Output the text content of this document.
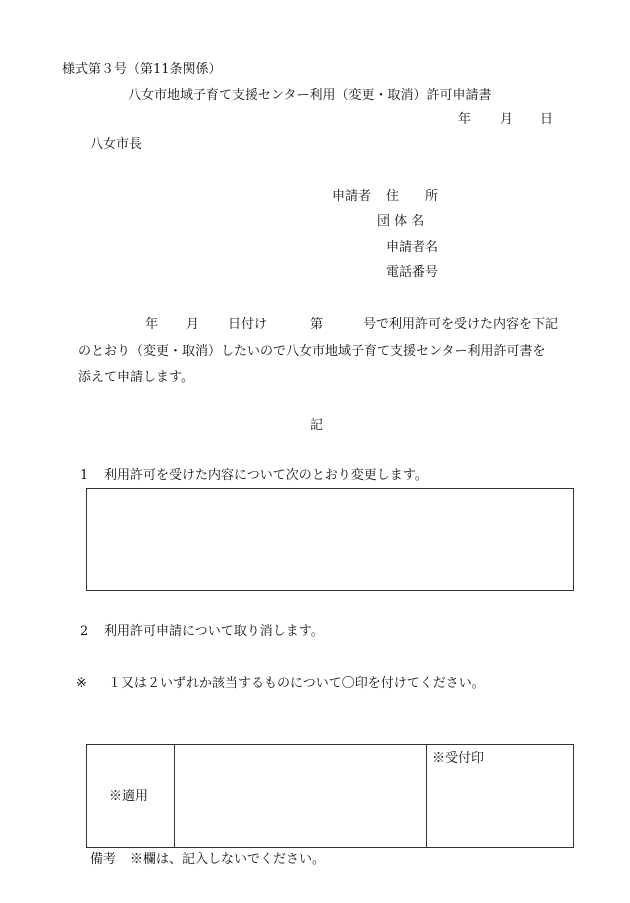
様式第３号（第11条関係）
八女市地域子育て支援センター利用（変更・取消）許可申請書
年 月 日
八女市長
申請者 住　　所
団 体 名
申請者名
電話番号
年 月 日付け	第	号で利用許可を受けた内容を下記
のとおり（変更・取消）したいので八女市地域子育て支援センター利用許可書を
添えて申請します。
記
1 利用許可を受けた内容について次のとおり変更します。
2 利用許可申請について取り消します。
※ １又は２いずれか該当するものについて〇印を付けてください。
※適用
※受付印
備考 ※欄は、記入しないでください。
